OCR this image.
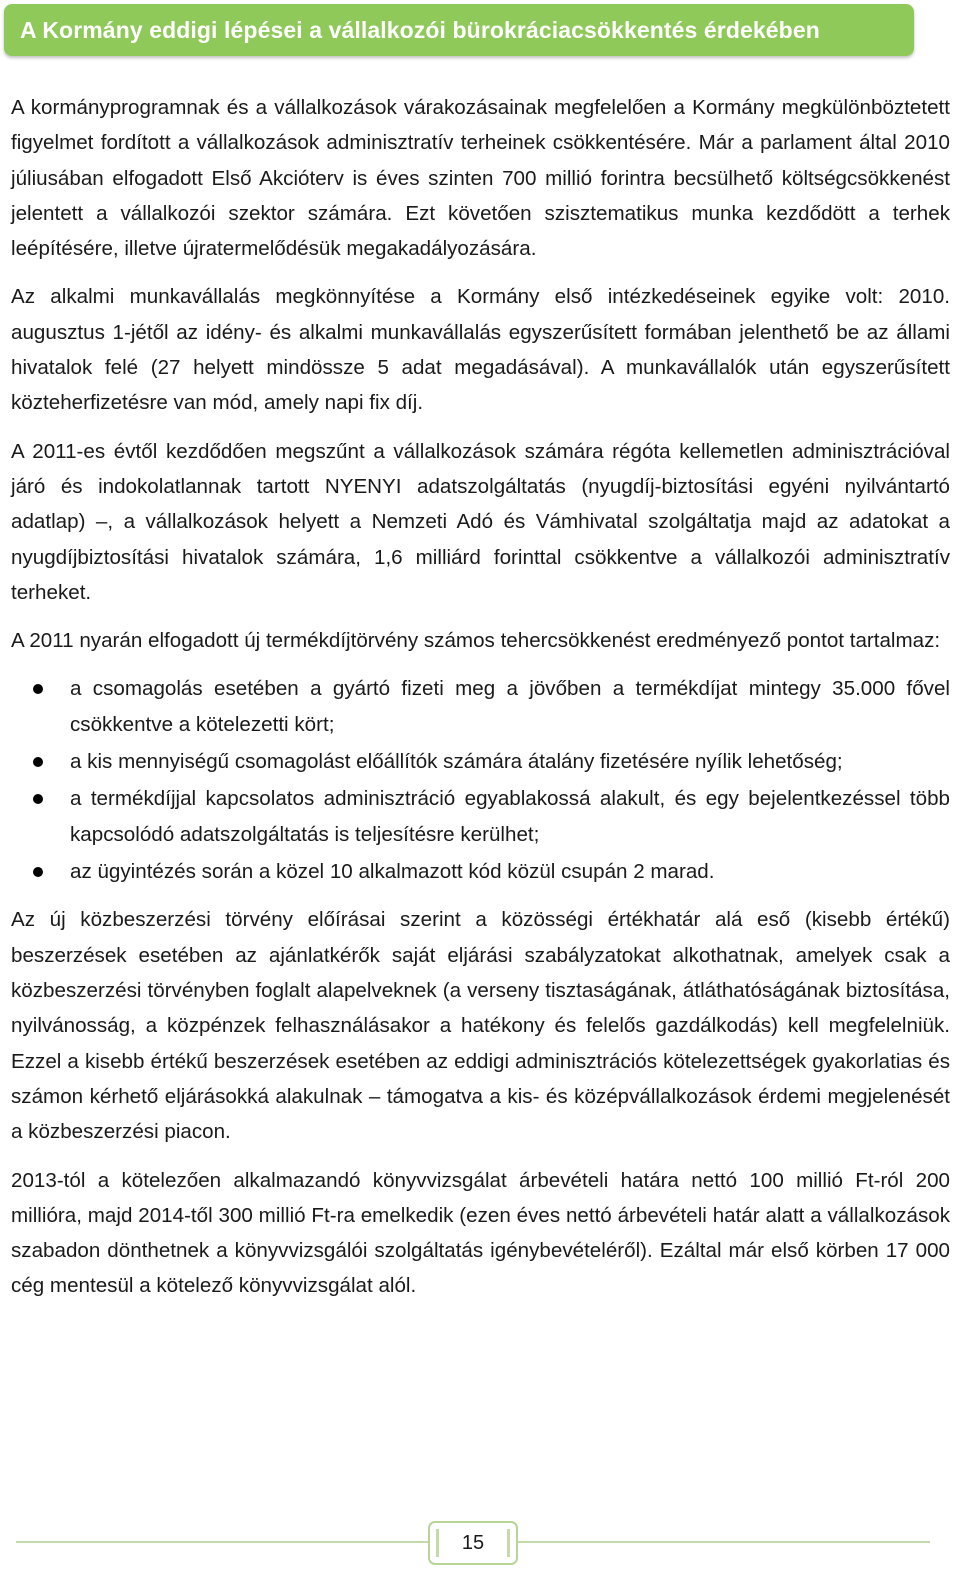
A Kormány eddigi lépései a vállalkozói bürokráciacsökkentés érdekében

A kormányprogramnak és a vállalkozások várakozásainak megfelelően a Kormány megkülönböztetett figyelmet fordított a vállalkozások adminisztratív terheinek csökkentésére. Már a parlament által 2010 júliusában elfogadott Első Akcióterv is éves szinten 700 millió forintra becsülhető költségcsökkenést jelentett a vállalkozói szektor számára. Ezt követően szisztematikus munka kezdődött a terhek leépítésére, illetve újratermelődésük megakadályozására.

Az alkalmi munkavállalás megkönnyítése a Kormány első intézkedéseinek egyike volt: 2010. augusztus 1-jétől az idény- és alkalmi munkavállalás egyszerűsített formában jelenthető be az állami hivatalok felé (27 helyett mindössze 5 adat megadásával). A munkavállalók után egyszerűsített közteherfizetésre van mód, amely napi fix díj.

A 2011-es évtől kezdődően megszűnt a vállalkozások számára régóta kellemetlen adminisztrációval járó és indokolatlannak tartott NYENYI adatszolgáltatás (nyugdíj-biztosítási egyéni nyilvántartó adatlap) –, a vállalkozások helyett a Nemzeti Adó és Vámhivatal szolgáltatja majd az adatokat a nyugdíjbiztosítási hivatalok számára, 1,6 milliárd forinttal csökkentve a vállalkozói adminisztratív terheket.

A 2011 nyarán elfogadott új termékdíjtörvény számos tehercsökkenést eredményező pontot tartalmaz:

a csomagolás esetében a gyártó fizeti meg a jövőben a termékdíjat mintegy 35.000 fővel csökkentve a kötelezetti kört;
a kis mennyiségű csomagolást előállítók számára átalány fizetésére nyílik lehetőség;
a termékdíjjal kapcsolatos adminisztráció egyablakossá alakult, és egy bejelentkezéssel több kapcsolódó adatszolgáltatás is teljesítésre kerülhet;
az ügyintézés során a közel 10 alkalmazott kód közül csupán 2 marad.

Az új közbeszerzési törvény előírásai szerint a közösségi értékhatár alá eső (kisebb értékű) beszerzések esetében az ajánlatkérők saját eljárási szabályzatokat alkothatnak, amelyek csak a közbeszerzési törvényben foglalt alapelveknek (a verseny tisztaságának, átláthatóságának biztosítása, nyilvánosság, a közpénzek felhasználásakor a hatékony és felelős gazdálkodás) kell megfelelniük. Ezzel a kisebb értékű beszerzések esetében az eddigi adminisztrációs kötelezettségek gyakorlatias és számon kérhető eljárásokká alakulnak – támogatva a kis- és középvállalkozások érdemi megjelenését a közbeszerzési piacon.

2013-tól a kötelezően alkalmazandó könyvvizsgálat árbevételi határa nettó 100 millió Ft-ról 200 millióra, majd 2014-től 300 millió Ft-ra emelkedik (ezen éves nettó árbevételi határ alatt a vállalkozások szabadon dönthetnek a könyvvizsgálói szolgáltatás igénybevételéről). Ezáltal már első körben 17 000 cég mentesül a kötelező könyvvizsgálat alól.

15
